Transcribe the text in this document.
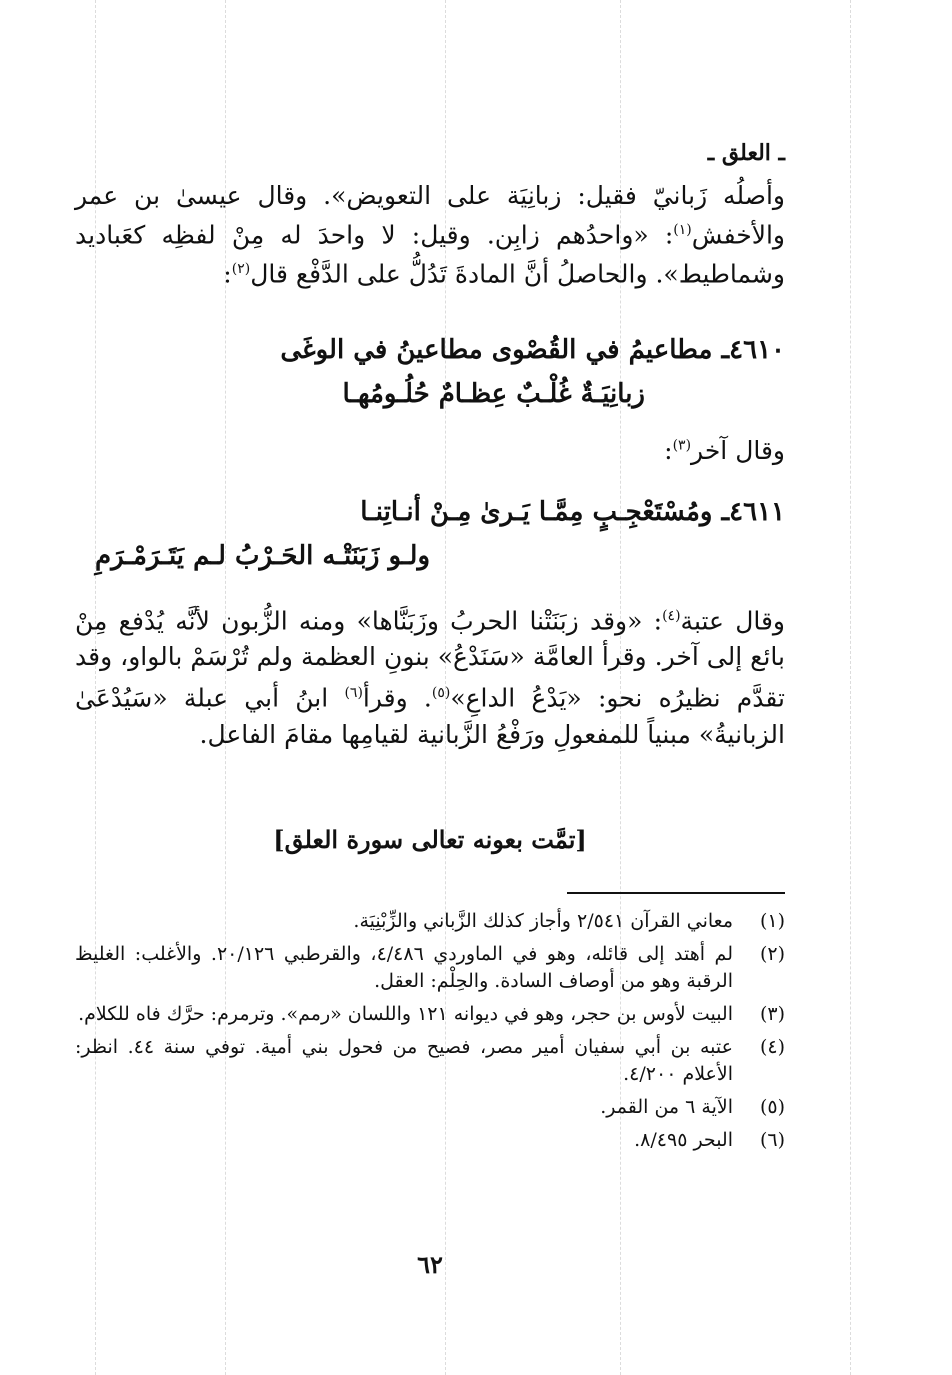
ـ العلق ـ

وأصلُه زَبانيّ فقيل: زبانِيَة على التعويض». وقال عيسىٰ بن عمر والأخفش$^{(١)}$: «واحدُهم زابِن. وقيل: لا واحدَ له مِنْ لفظِه كعَباديد وشماطيط». والحاصلُ أنَّ المادةَ تَدُلُّ على الدَّفْع قال$^{(٢)}$:

٤٦١٠ـ مطاعيمُ في القُصْوى مطاعينُ في الوغَى
زبانِيَـةٌ غُلْـبٌ عِظـامٌ حُلُـومُهـا
وقال آخر$^{(٣)}$:
٤٦١١ـ ومُسْتَعْجِـبٍ مِمَّـا يَـرىٰ مِـنْ أنـاتِنـا
ولـو زَبَنَتْـه الحَـرْبُ لـم يَتَـرَمْـرَمِ

وقال عتبة$^{(٤)}$: «وقد زبَنَتْنا الحربُ وزَبَنَّاها» ومنه الزُّبون لأنَّه يُدْفع مِنْ بائع إلى آخر. وقرأ العامَّة «سَنَدْعُ» بنونِ العظمة ولم تُرْسَمْ بالواو، وقد تقدَّم نظيرُه نحو: «يَدْعُ الداعِ»$^{(٥)}$. وقرأ$^{(٦)}$ ابنُ أبي عبلة «سَيُدْعَىٰ الزبانيةُ» مبنياً للمفعولِ ورَفْعُ الزَّبانية لقيامِها مقامَ الفاعل.

[تمَّت بعونه تعالى سورة العلق]
(١)
معاني القرآن ٢/٥٤١ وأجاز كذلك الزَّباني والزِّبْنِيَة.
(٢)
لم أهتد إلى قائله، وهو في الماوردي ٤/٤٨٦، والقرطبي ٢٠/١٢٦. والأغلب: الغليظ الرقبة وهو من أوصاف السادة. والحِلْم: العقل.
(٣)
البيت لأوس بن حجر، وهو في ديوانه ١٢١ واللسان «رمم». وترمرم: حرَّك فاه للكلام.
(٤)
عتبه بن أبي سفيان أمير مصر، فصيح من فحول بني أمية. توفي سنة ٤٤. انظر: الأعلام ٤/٢٠٠.
(٥)
الآية ٦ من القمر.
(٦)
البحر ٨/٤٩٥.
٦٢
